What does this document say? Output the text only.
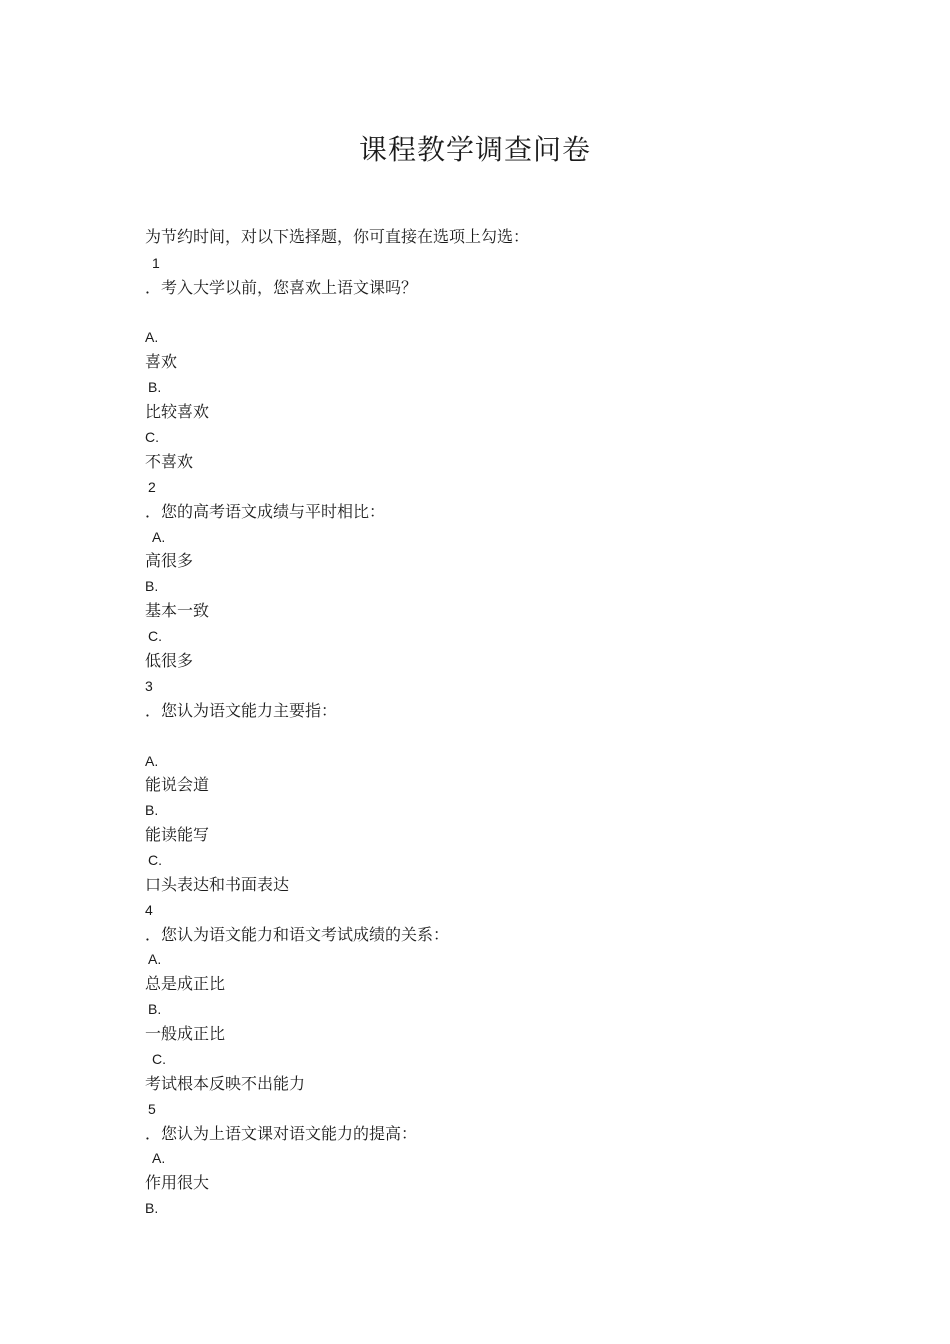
课程教学调查问卷
为节约时间，对以下选择题，你可直接在选项上勾选：
1
．考入大学以前，您喜欢上语文课吗？
A.
喜欢
B.
比较喜欢
C.
不喜欢
2
．您的高考语文成绩与平时相比：
A.
高很多
B.
基本一致
C.
低很多
3
．您认为语文能力主要指：
A.
能说会道
B.
能读能写
C.
口头表达和书面表达
4
．您认为语文能力和语文考试成绩的关系：
A.
总是成正比
B.
一般成正比
C.
考试根本反映不出能力
5
．您认为上语文课对语文能力的提高：
A.
作用很大
B.
